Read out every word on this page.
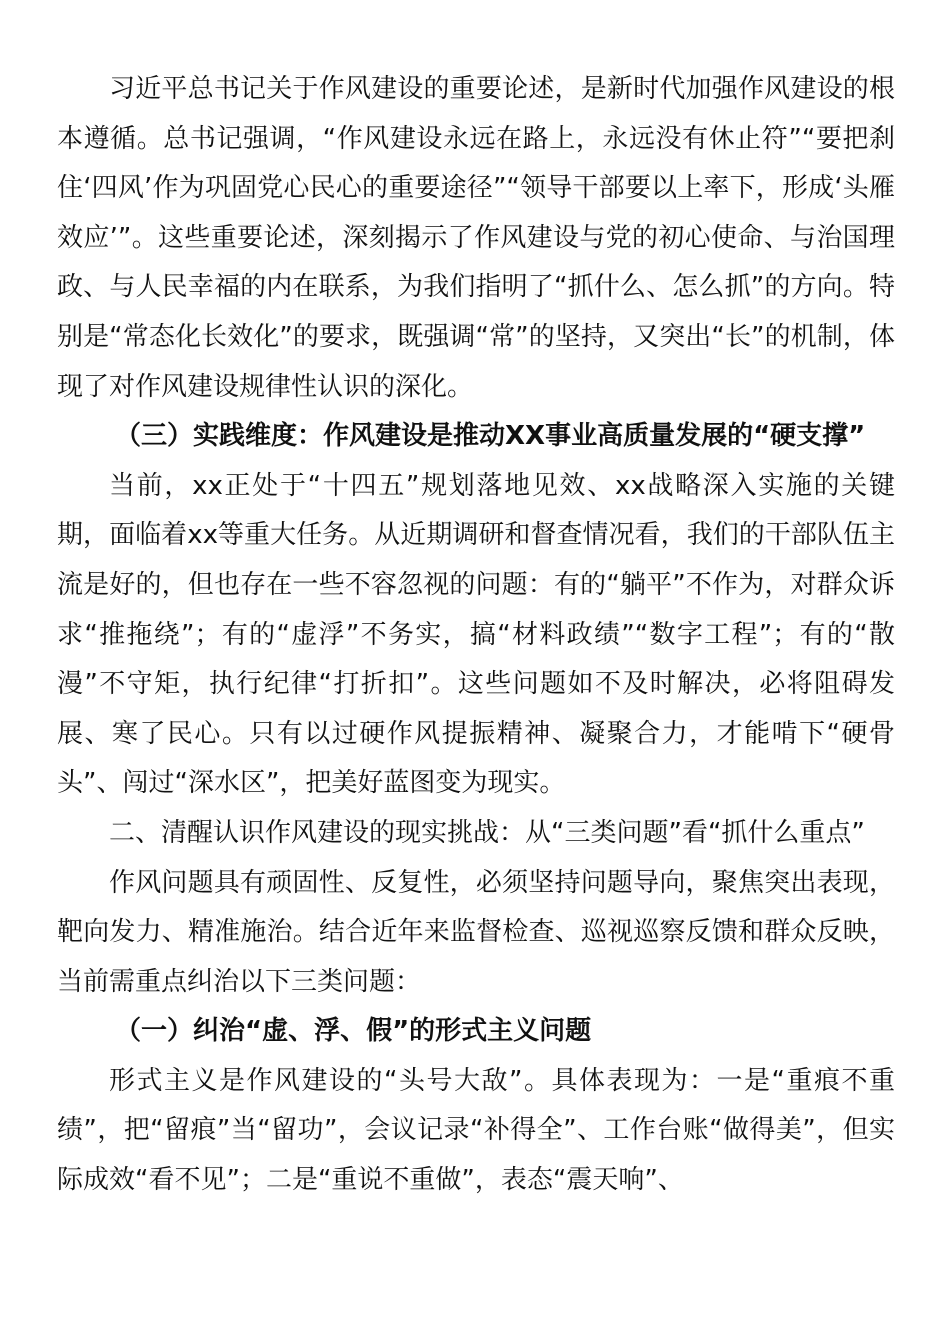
习近平总书记关于作风建设的重要论述，是新时代加强作风建设的根本遵循。总书记强调，“作风建设永远在路上，永远没有休止符”“要把刹住‘四风’作为巩固党心民心的重要途径”“领导干部要以上率下，形成‘头雁效应’”。这些重要论述，深刻揭示了作风建设与党的初心使命、与治国理政、与人民幸福的内在联系，为我们指明了“抓什么、怎么抓”的方向。特别是“常态化长效化”的要求，既强调“常”的坚持，又突出“长”的机制，体现了对作风建设规律性认识的深化。

（三）实践维度：作风建设是推动XX事业高质量发展的“硬支撑”

当前，xx正处于“十四五”规划落地见效、xx战略深入实施的关键期，面临着xx等重大任务。从近期调研和督查情况看，我们的干部队伍主流是好的，但也存在一些不容忽视的问题：有的“躺平”不作为，对群众诉求“推拖绕”；有的“虚浮”不务实，搞“材料政绩”“数字工程”；有的“散漫”不守矩，执行纪律“打折扣”。这些问题如不及时解决，必将阻碍发展、寒了民心。只有以过硬作风提振精神、凝聚合力，才能啃下“硬骨头”、闯过“深水区”，把美好蓝图变为现实。

二、清醒认识作风建设的现实挑战：从“三类问题”看“抓什么重点”

作风问题具有顽固性、反复性，必须坚持问题导向，聚焦突出表现，靶向发力、精准施治。结合近年来监督检查、巡视巡察反馈和群众反映，当前需重点纠治以下三类问题：

（一）纠治“虚、浮、假”的形式主义问题

形式主义是作风建设的“头号大敌”。具体表现为：一是“重痕不重绩”，把“留痕”当“留功”，会议记录“补得全”、工作台账“做得美”，但实际成效“看不见”；二是“重说不重做”，表态“震天响”、
